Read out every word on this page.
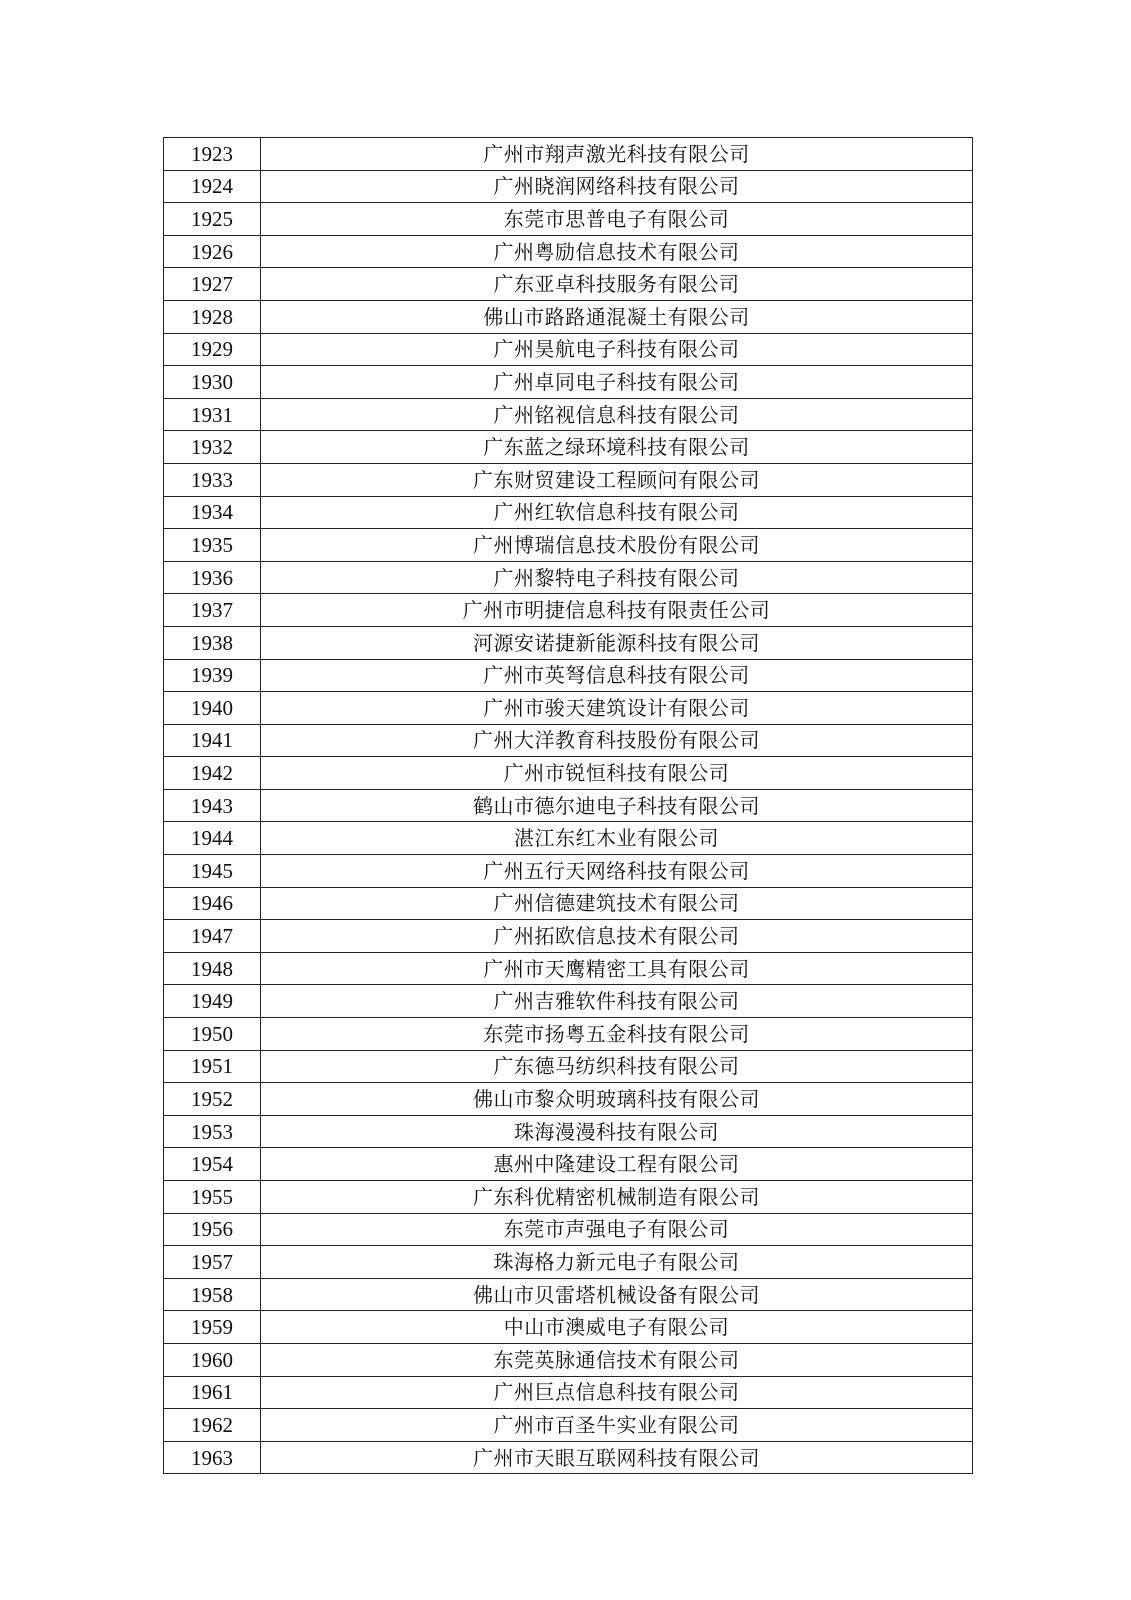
1923	广州市翔声激光科技有限公司
1924	广州晓润网络科技有限公司
1925	东莞市思普电子有限公司
1926	广州粤励信息技术有限公司
1927	广东亚卓科技服务有限公司
1928	佛山市路路通混凝土有限公司
1929	广州昊航电子科技有限公司
1930	广州卓同电子科技有限公司
1931	广州铭视信息科技有限公司
1932	广东蓝之绿环境科技有限公司
1933	广东财贸建设工程顾问有限公司
1934	广州红软信息科技有限公司
1935	广州博瑞信息技术股份有限公司
1936	广州黎特电子科技有限公司
1937	广州市明捷信息科技有限责任公司
1938	河源安诺捷新能源科技有限公司
1939	广州市英弩信息科技有限公司
1940	广州市骏天建筑设计有限公司
1941	广州大洋教育科技股份有限公司
1942	广州市锐恒科技有限公司
1943	鹤山市德尔迪电子科技有限公司
1944	湛江东红木业有限公司
1945	广州五行天网络科技有限公司
1946	广州信德建筑技术有限公司
1947	广州拓欧信息技术有限公司
1948	广州市天鹰精密工具有限公司
1949	广州吉雅软件科技有限公司
1950	东莞市扬粤五金科技有限公司
1951	广东德马纺织科技有限公司
1952	佛山市黎众明玻璃科技有限公司
1953	珠海漫漫科技有限公司
1954	惠州中隆建设工程有限公司
1955	广东科优精密机械制造有限公司
1956	东莞市声强电子有限公司
1957	珠海格力新元电子有限公司
1958	佛山市贝雷塔机械设备有限公司
1959	中山市澳威电子有限公司
1960	东莞英脉通信技术有限公司
1961	广州巨点信息科技有限公司
1962	广州市百圣牛实业有限公司
1963	广州市天眼互联网科技有限公司
